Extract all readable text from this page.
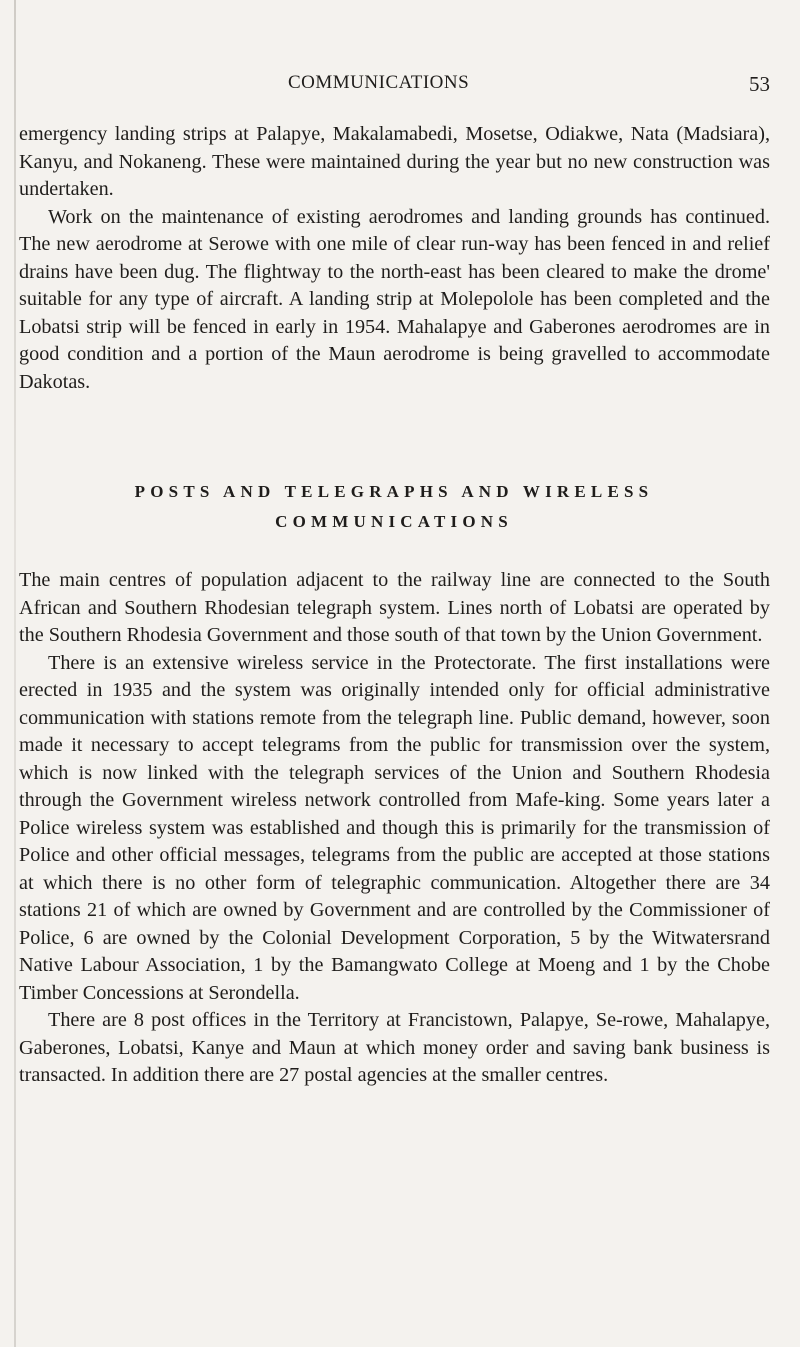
COMMUNICATIONS	53

emergency landing strips at Palapye, Makalamabedi, Mosetse, Odiakwe, Nata (Madsiara), Kanyu, and Nokaneng. These were maintained during the year but no new construction was undertaken.

Work on the maintenance of existing aerodromes and landing grounds has continued. The new aerodrome at Serowe with one mile of clear run-way has been fenced in and relief drains have been dug. The flightway to the north-east has been cleared to make the drome' suitable for any type of aircraft. A landing strip at Molepolole has been completed and the Lobatsi strip will be fenced in early in 1954. Mahalapye and Gaberones aerodromes are in good condition and a portion of the Maun aerodrome is being gravelled to accommodate Dakotas.

POSTS AND TELEGRAPHS AND WIRELESS
COMMUNICATIONS

The main centres of population adjacent to the railway line are connected to the South African and Southern Rhodesian telegraph system. Lines north of Lobatsi are operated by the Southern Rhodesia Government and those south of that town by the Union Government.

There is an extensive wireless service in the Protectorate. The first installations were erected in 1935 and the system was originally intended only for official administrative communication with stations remote from the telegraph line. Public demand, however, soon made it necessary to accept telegrams from the public for transmission over the system, which is now linked with the telegraph services of the Union and Southern Rhodesia through the Government wireless network controlled from Mafe-king. Some years later a Police wireless system was established and though this is primarily for the transmission of Police and other official messages, telegrams from the public are accepted at those stations at which there is no other form of telegraphic communication. Altogether there are 34 stations 21 of which are owned by Government and are controlled by the Commissioner of Police, 6 are owned by the Colonial Development Corporation, 5 by the Witwatersrand Native Labour Association, 1 by the Bamangwato College at Moeng and 1 by the Chobe Timber Concessions at Serondella.

There are 8 post offices in the Territory at Francistown, Palapye, Se-rowe, Mahalapye, Gaberones, Lobatsi, Kanye and Maun at which money order and saving bank business is transacted. In addition there are 27 postal agencies at the smaller centres.
